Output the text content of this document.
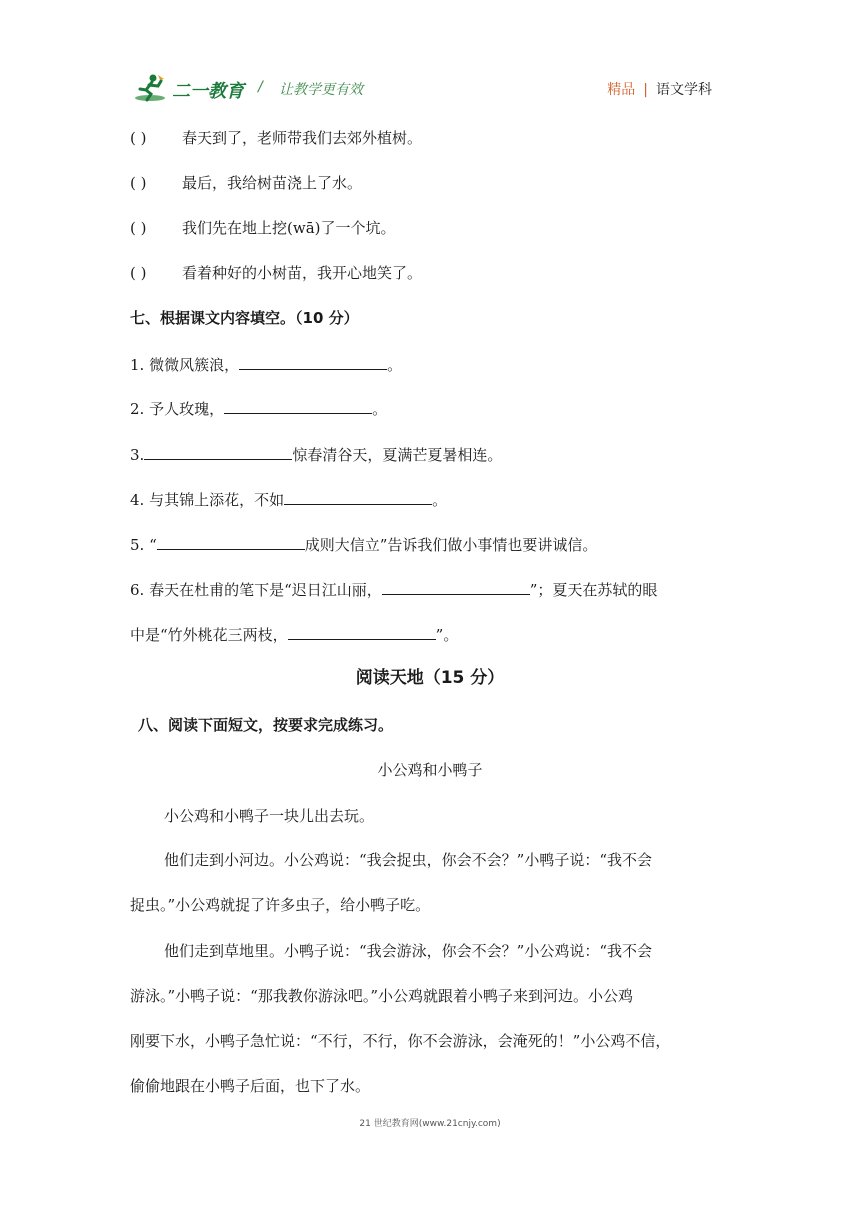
二一教育 / 让教学更有效	精品 | 语文学科
( ) 春天到了，老师带我们去郊外植树。
( ) 最后，我给树苗浇上了水。
( ) 我们先在地上挖(wā)了一个坑。
( ) 看着种好的小树苗，我开心地笑了。
七、根据课文内容填空。（10 分）
1. 微微风簇浪，	。
2. 予人玫瑰，	。
3.	惊春清谷天，夏满芒夏暑相连。
4. 与其锦上添花，不如	。
5. “	成则大信立”告诉我们做小事情也要讲诚信。
6. 春天在杜甫的笔下是“迟日江山丽，	”；夏天在苏轼的眼
中是“竹外桃花三两枝，	”。
阅读天地（15 分）
八、阅读下面短文，按要求完成练习。
小公鸡和小鸭子
小公鸡和小鸭子一块儿出去玩。
他们走到小河边。小公鸡说：“我会捉虫，你会不会？”小鸭子说：“我不会
捉虫。”小公鸡就捉了许多虫子，给小鸭子吃。
他们走到草地里。小鸭子说：“我会游泳，你会不会？”小公鸡说：“我不会
游泳。”小鸭子说：“那我教你游泳吧。”小公鸡就跟着小鸭子来到河边。小公鸡
刚要下水，小鸭子急忙说：“不行，不行，你不会游泳，会淹死的！”小公鸡不信，
偷偷地跟在小鸭子后面，也下了水。
21 世纪教育网(www.21cnjy.com)
